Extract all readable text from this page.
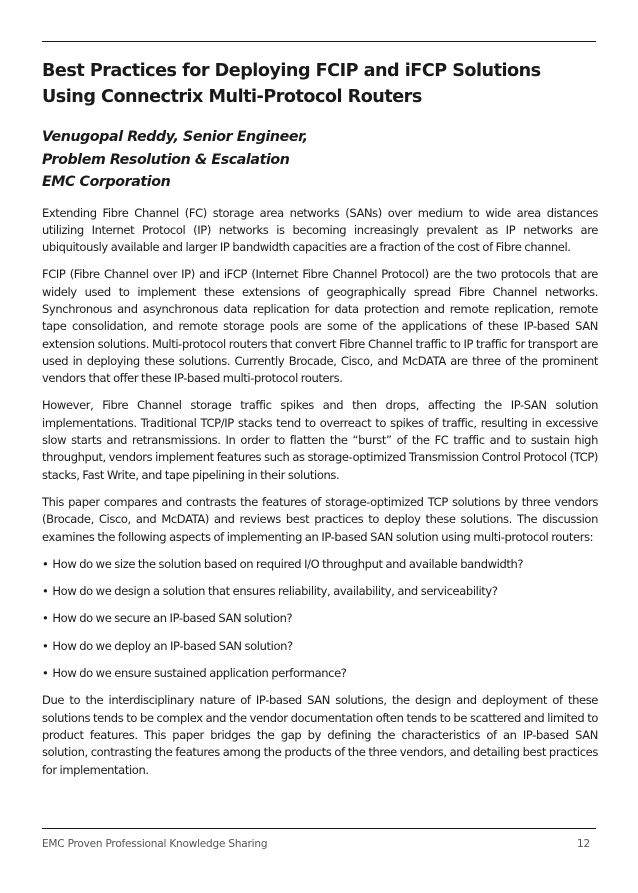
Best Practices for Deploying FCIP and iFCP Solutions Using Connectrix Multi-Protocol Routers
Venugopal Reddy, Senior Engineer,
Problem Resolution & Escalation
EMC Corporation

Extending Fibre Channel (FC) storage area networks (SANs) over medium to wide area distances utilizing Internet Protocol (IP) networks is becoming increasingly prevalent as IP networks are ubiquitously available and larger IP bandwidth capacities are a fraction of the cost of Fibre channel.

FCIP (Fibre Channel over IP) and iFCP (Internet Fibre Channel Protocol) are the two protocols that are widely used to implement these extensions of geographically spread Fibre Channel networks. Synchronous and asynchronous data replication for data protection and remote replication, remote tape consolidation, and remote storage pools are some of the applications of these IP-based SAN extension solutions. Multi-protocol routers that convert Fibre Channel traffic to IP traffic for transport are used in deploying these solutions. Currently Brocade, Cisco, and McDATA are three of the prominent vendors that offer these IP-based multi-protocol routers.

However, Fibre Channel storage traffic spikes and then drops, affecting the IP-SAN solution implementations. Traditional TCP/IP stacks tend to overreact to spikes of traffic, resulting in excessive slow starts and retransmissions. In order to flatten the “burst” of the FC traffic and to sustain high throughput, vendors implement features such as storage-optimized Transmission Control Protocol (TCP) stacks, Fast Write, and tape pipelining in their solutions.

This paper compares and contrasts the features of storage-optimized TCP solutions by three vendors (Brocade, Cisco, and McDATA) and reviews best practices to deploy these solutions. The discussion examines the following aspects of implementing an IP-based SAN solution using multi-protocol routers:

• How do we size the solution based on required I/O throughput and available bandwidth?
• How do we design a solution that ensures reliability, availability, and serviceability?
• How do we secure an IP-based SAN solution?
• How do we deploy an IP-based SAN solution?
• How do we ensure sustained application performance?

Due to the interdisciplinary nature of IP-based SAN solutions, the design and deployment of these solutions tends to be complex and the vendor documentation often tends to be scattered and limited to product features. This paper bridges the gap by defining the characteristics of an IP-based SAN solution, contrasting the features among the products of the three vendors, and detailing best practices for implementation.

EMC Proven Professional Knowledge Sharing	12
